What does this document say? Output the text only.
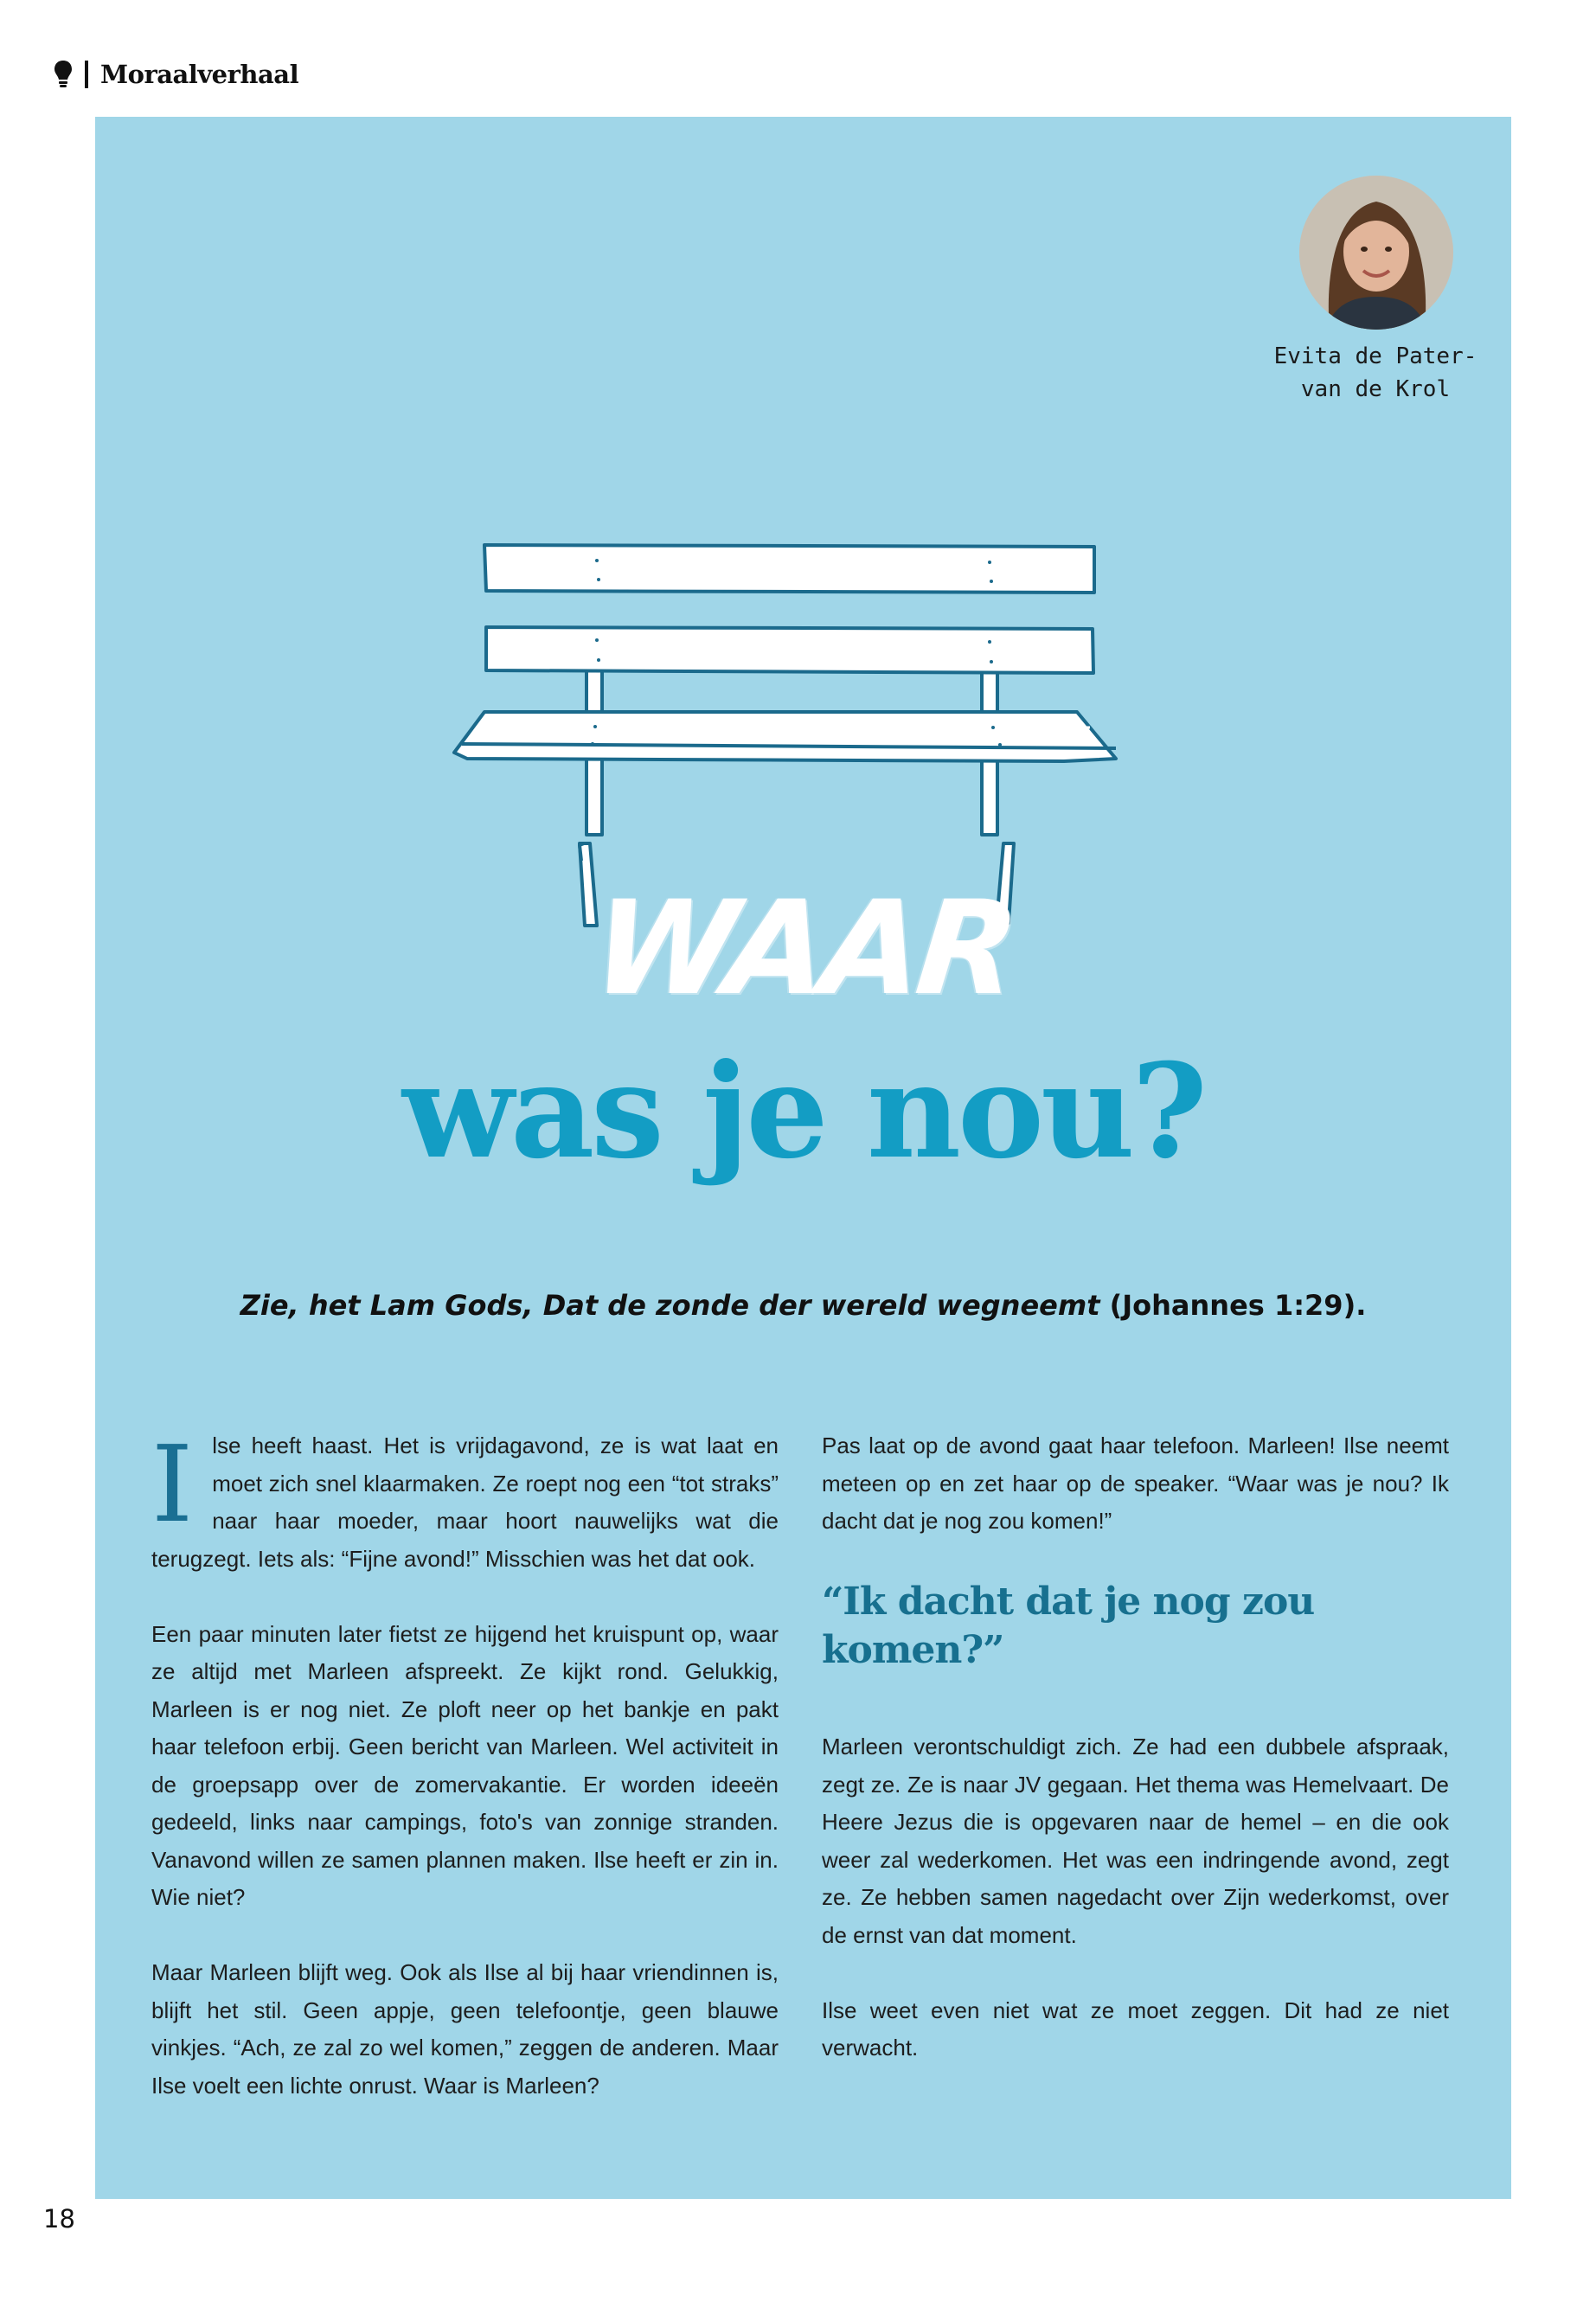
Moraalverhaal
Evita de Pater-
van de Krol
WAAR
was je nou?
Zie, het Lam Gods, Dat de zonde der wereld wegneemt (Johannes 1:29).

Ilse heeft haast. Het is vrijdagavond, ze is wat laat en moet zich snel klaarmaken. Ze roept nog een “tot straks” naar haar moeder, maar hoort nauwelijks wat die terugzegt. Iets als: “Fijne avond!” Misschien was het dat ook.

Een paar minuten later fietst ze hijgend het kruispunt op, waar ze altijd met Marleen afspreekt. Ze kijkt rond. Gelukkig, Marleen is er nog niet. Ze ploft neer op het bankje en pakt haar telefoon erbij. Geen bericht van Marleen. Wel activiteit in de groepsapp over de zomervakantie. Er worden ideeën gedeeld, links naar campings, foto's van zonnige stranden. Vanavond willen ze samen plannen maken. Ilse heeft er zin in. Wie niet?

Maar Marleen blijft weg. Ook als Ilse al bij haar vriendinnen is, blijft het stil. Geen appje, geen telefoontje, geen blauwe vinkjes. “Ach, ze zal zo wel komen,” zeggen de anderen. Maar Ilse voelt een lichte onrust. Waar is Marleen?

Pas laat op de avond gaat haar telefoon. Marleen! Ilse neemt meteen op en zet haar op de speaker. “Waar was je nou? Ik dacht dat je nog zou komen!”

“Ik dacht dat je nog zou komen?”

Marleen verontschuldigt zich. Ze had een dubbele afspraak, zegt ze. Ze is naar JV gegaan. Het thema was Hemelvaart. De Heere Jezus die is opgevaren naar de hemel – en die ook weer zal wederkomen. Het was een indringende avond, zegt ze. Ze hebben samen nagedacht over Zijn wederkomst, over de ernst van dat moment.

Ilse weet even niet wat ze moet zeggen. Dit had ze niet verwacht.

18
